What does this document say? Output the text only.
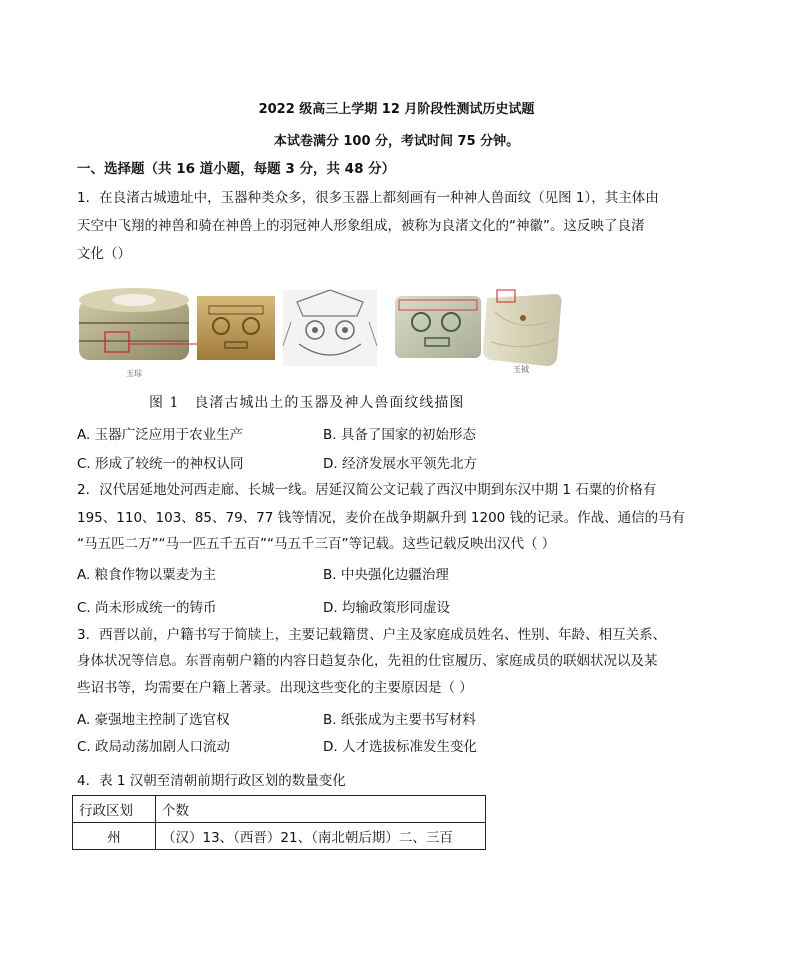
2022 级高三上学期 12 月阶段性测试历史试题
本试卷满分 100 分，考试时间 75 分钟。
一、选择题（共 16 道小题，每题 3 分，共 48 分）
1．在良渚古城遗址中，玉器种类众多，很多玉器上都刻画有一种神人兽面纹（见图 1），其主体由
天空中飞翔的神兽和骑在神兽上的羽冠神人形象组成，被称为良渚文化的“神徽”。这反映了良渚
文化（）
玉琮	玉钺
图 1　良渚古城出土的玉器及神人兽面纹线描图
A. 玉器广泛应用于农业生产	B. 具备了国家的初始形态
C. 形成了较统一的神权认同	D. 经济发展水平领先北方
2．汉代居延地处河西走廊、长城一线。居延汉简公文记载了西汉中期到东汉中期 1 石粟的价格有
195、110、103、85、79、77 钱等情况，麦价在战争期飙升到 1200 钱的记录。作战、通信的马有
“马五匹二万”“马一匹五千五百”“马五千三百”等记载。这些记载反映出汉代（ ）
A. 粮食作物以粟麦为主	B. 中央强化边疆治理
C. 尚未形成统一的铸币	D. 均输政策形同虚设
3．西晋以前，户籍书写于简牍上，主要记载籍贯、户主及家庭成员姓名、性别、年龄、相互关系、
身体状况等信息。东晋南朝户籍的内容日趋复杂化，先祖的仕宦履历、家庭成员的联姻状况以及某
些诏书等，均需要在户籍上著录。出现这些变化的主要原因是（ ）
A. 豪强地主控制了选官权	B. 纸张成为主要书写材料
C. 政局动荡加剧人口流动	D. 人才选拔标准发生变化
4．表 1 汉朝至清朝前期行政区划的数量变化
行政区划	个数
州	（汉）13、（西晋）21、（南北朝后期）二、三百
